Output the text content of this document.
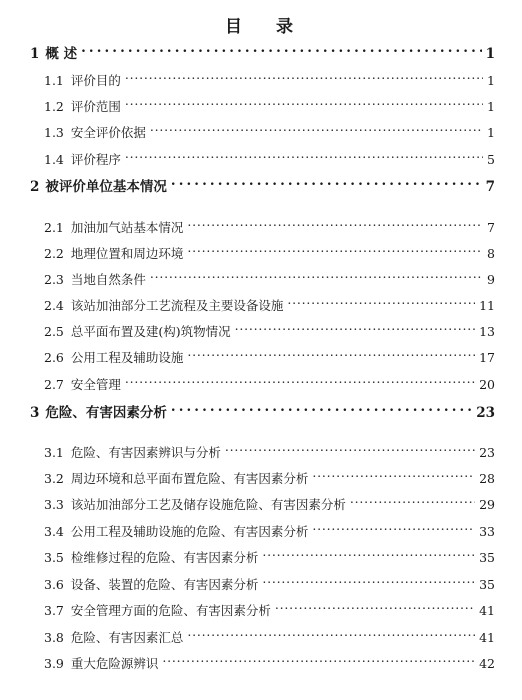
目 录
1 概 述 . . .	1
1.1 评价目的 . . .	1
1.2 评价范围 . . .	1
1.3 安全评价依据 . . .	1
1.4 评价程序 . . .	5
2 被评价单位基本情况 . . .	7
2.1 加油加气站基本情况 . . .	7
2.2 地理位置和周边环境 . . .	8
2.3 当地自然条件 . . .	9
2.4 该站加油部分工艺流程及主要设备设施 . . .	11
2.5 总平面布置及建(构)筑物情况 . . .	13
2.6 公用工程及辅助设施 . . .	17
2.7 安全管理 . . .	20
3 危险、有害因素分析 . . .	23
3.1 危险、有害因素辨识与分析 . . .	23
3.2 周边环境和总平面布置危险、有害因素分析 . . .	28
3.3 该站加油部分工艺及储存设施危险、有害因素分析 . . .	29
3.4 公用工程及辅助设施的危险、有害因素分析 . . .	33
3.5 检维修过程的危险、有害因素分析 . . .	35
3.6 设备、装置的危险、有害因素分析 . . .	35
3.7 安全管理方面的危险、有害因素分析 . . .	41
3.8 危险、有害因素汇总 . . .	41
3.9 重大危险源辨识 . . .	42
